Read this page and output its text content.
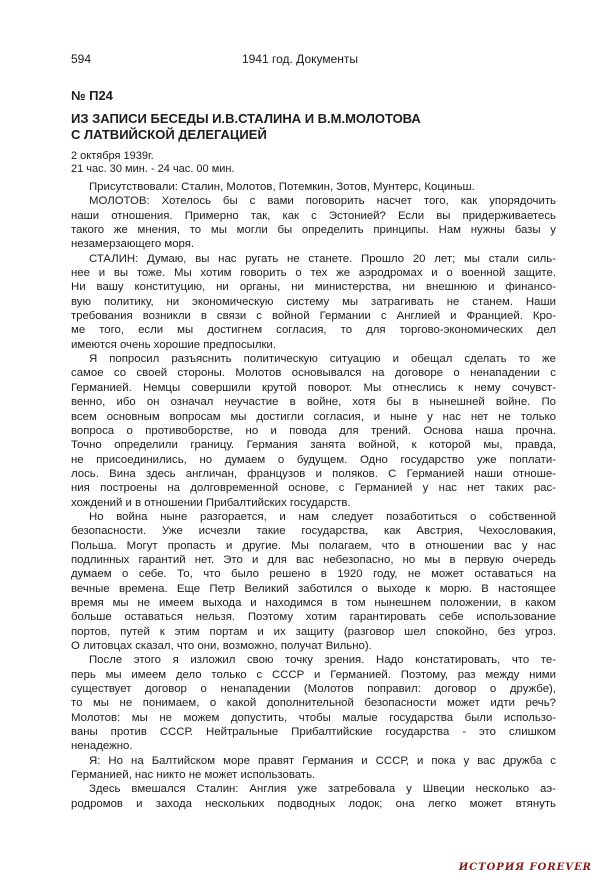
594	1941 год. Документы
№ П24
ИЗ ЗАПИСИ БЕСЕДЫ И.В.СТАЛИНА И В.М.МОЛОТОВА
С ЛАТВИЙСКОЙ ДЕЛЕГАЦИЕЙ
2 октября 1939г.
21 час. 30 мин. - 24 час. 00 мин.
Присутствовали: Сталин, Молотов, Потемкин, Зотов, Мунтерс, Коциньш.
МОЛОТОВ: Хотелось бы с вами поговорить насчет того, как упорядочить
наши отношения. Примерно так, как с Эстонией? Если вы придерживаетесь
такого же мнения, то мы могли бы определить принципы. Нам нужны базы у
незамерзающего моря.
СТАЛИН: Думаю, вы нас ругать не станете. Прошло 20 лет; мы стали силь-
нее и вы тоже. Мы хотим говорить о тех же аэродромах и о военной защите.
Ни вашу конституцию, ни органы, ни министерства, ни внешнюю и финансо-
вую политику, ни экономическую систему мы затрагивать не станем. Наши
требования возникли в связи с войной Германии с Англией и Францией. Кро-
ме того, если мы достигнем согласия, то для торгово-экономических дел
имеются очень хорошие предпосылки.
Я попросил разъяснить политическую ситуацию и обещал сделать то же
самое со своей стороны. Молотов основывался на договоре о ненападении с
Германией. Немцы совершили крутой поворот. Мы отнеслись к нему сочувст-
венно, ибо он означал неучастие в войне, хотя бы в нынешней войне. По
всем основным вопросам мы достигли согласия, и ныне у нас нет не только
вопроса о противоборстве, но и повода для трений. Основа наша прочна.
Точно определили границу. Германия занята войной, к которой мы, правда,
не присоединились, но думаем о будущем. Одно государство уже поплати-
лось. Вина здесь англичан, французов и поляков. С Германией наши отноше-
ния построены на долговременной основе, с Германией у нас нет таких рас-
хождений и в отношении Прибалтийских государств.
Но война ныне разгорается, и нам следует позаботиться о собственной
безопасности. Уже исчезли такие государства, как Австрия, Чехословакия,
Польша. Могут пропасть и другие. Мы полагаем, что в отношении вас у нас
подлинных гарантий нет. Это и для вас небезопасно, но мы в первую очередь
думаем о себе. То, что было решено в 1920 году, не может оставаться на
вечные времена. Еще Петр Великий заботился о выходе к морю. В настоящее
время мы не имеем выхода и находимся в том нынешнем положении, в каком
больше оставаться нельзя. Поэтому хотим гарантировать себе использование
портов, путей к этим портам и их защиту (разговор шел спокойно, без угроз.
О литовцах сказал, что они, возможно, получат Вильно).
После этого я изложил свою точку зрения. Надо констатировать, что те-
перь мы имеем дело только с СССР и Германией. Поэтому, раз между ними
существует договор о ненападении (Молотов поправил: договор о дружбе),
то мы не понимаем, о какой дополнительной безопасности может идти речь?
Молотов: мы не можем допустить, чтобы малые государства были использо-
ваны против СССР. Нейтральные Прибалтийские государства - это слишком
ненадежно.
Я: Но на Балтийском море правят Германия и СССР, и пока у вас дружба с
Германией, нас никто не может использовать.
Здесь вмешался Сталин: Англия уже затребовала у Швеции несколько аэ-
родромов и захода нескольких подводных лодок; она легко может втянуть
ИСТОРИЯ FOREVER
